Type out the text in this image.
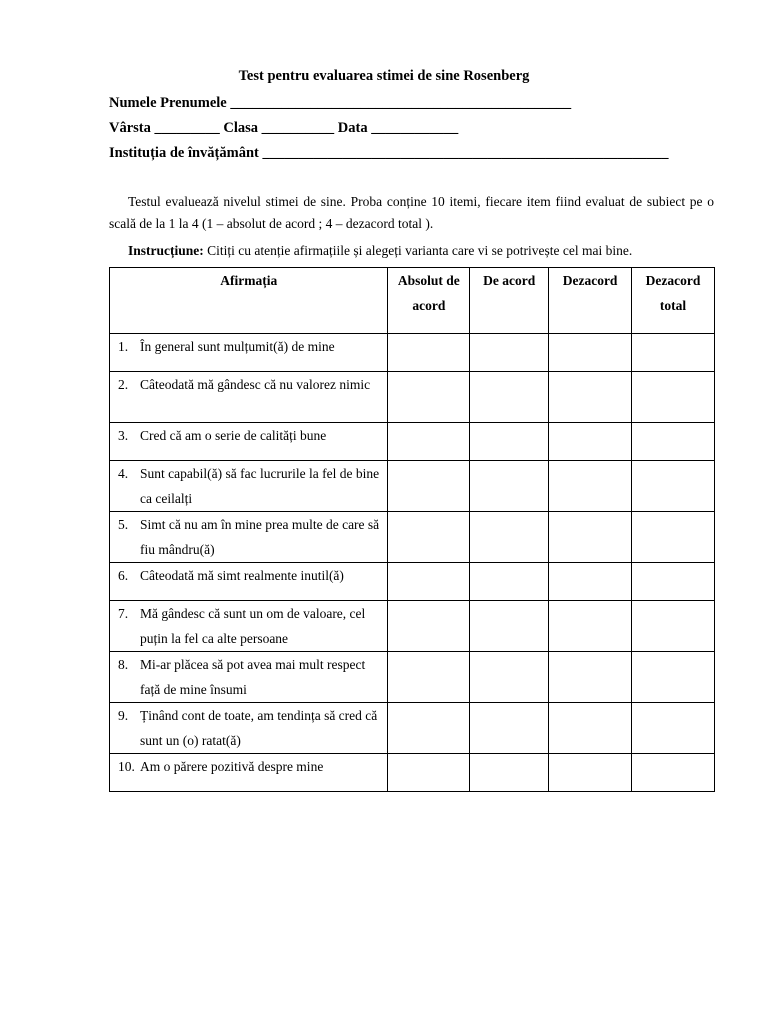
Test pentru evaluarea stimei de sine Rosenberg
Numele Prenumele _______________________________________________
Vârsta _________ Clasa __________ Data ____________
Instituția de învățământ ________________________________________________________

Testul evaluează nivelul stimei de sine. Proba conține 10 itemi, fiecare item fiind evaluat de subiect pe o scală de la 1 la 4 (1 – absolut de acord ; 4 – dezacord total ).

Instrucțiune: Citiți cu atenție afirmațiile și alegeți varianta care vi se potrivește cel mai bine.
Afirmația	Absolut de acord	De acord	Dezacord	Dezacord total

1. În general sunt mulțumit(ă) de mine				

2. Câteodată mă gândesc că nu valorez nimic				

3. Cred că am o serie de calități bune				

4. Sunt capabil(ă) să fac lucrurile la fel de bine ca ceilalți				

5. Simt că nu am în mine prea multe de care să fiu mândru(ă)				

6. Câteodată mă simt realmente inutil(ă)				

7. Mă gândesc că sunt un om de valoare, cel puțin la fel ca alte persoane				

8. Mi-ar plăcea să pot avea mai mult respect față de mine însumi				

9. Ținând cont de toate, am tendința să cred că sunt un (o) ratat(ă)				

10. Am o părere pozitivă despre mine				
